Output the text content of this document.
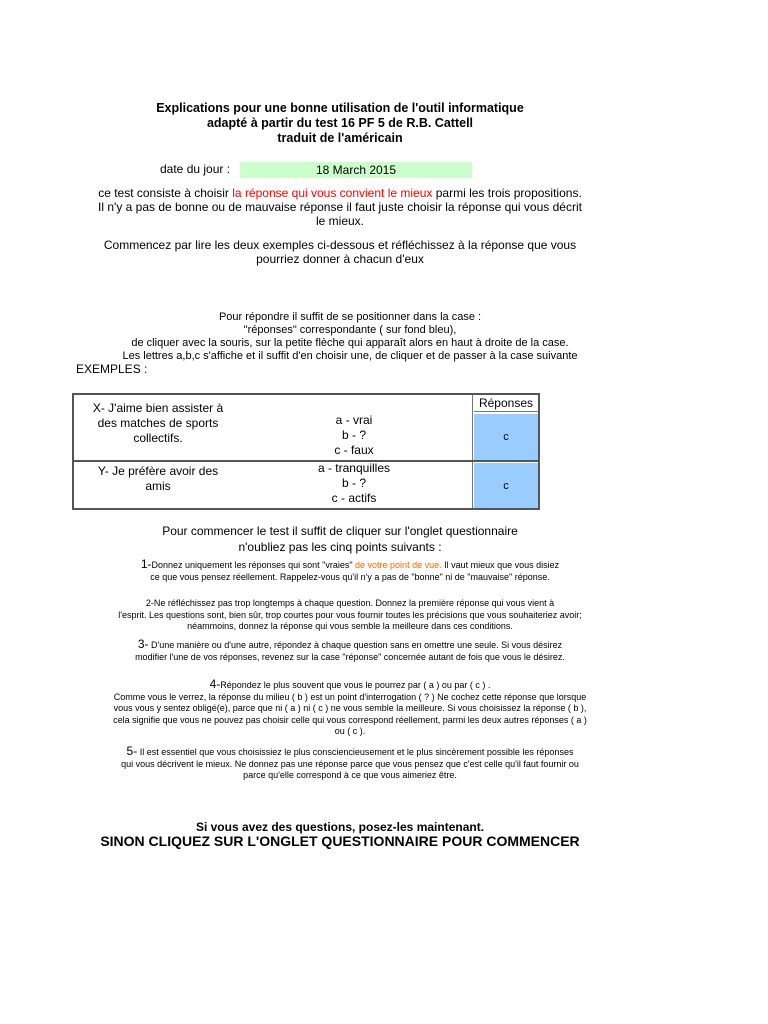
Explications pour une bonne utilisation de l'outil informatique
adapté à partir du test 16 PF 5 de R.B. Cattell
traduit de l'américain
date du jour :	18 March 2015
ce test consiste à choisir la réponse qui vous convient le mieux parmi les trois propositions.
Il n'y a pas de bonne ou de mauvaise réponse il faut juste choisir la réponse qui vous décrit
le mieux.
Commencez par lire les deux exemples ci-dessous et réfléchissez à la réponse que vous
pourriez donner à chacun d'eux
Pour répondre il suffit de se positionner dans la case :
"réponses" correspondante ( sur fond bleu),
de cliquer avec la souris, sur la petite flèche qui apparaît alors en haut à droite de la case.
Les lettres a,b,c s'affiche et il suffit d'en choisir une, de cliquer et de passer à la case suivante
EXEMPLES :
Réponses
X- J'aime bien assister à
des matches de sports
collectifs.
a - vrai
b - ?
c - faux
c
Y- Je préfère avoir des
amis
a - tranquilles
b - ?
c - actifs
c
Pour commencer le test il suffit de cliquer sur l'onglet questionnaire
n'oubliez pas les cinq points suivants :
1-Donnez uniquement les réponses qui sont "vraies" de votre point de vue. Il vaut mieux que vous disiez
ce que vous pensez réellement. Rappelez-vous qu'il n'y a pas de "bonne" ni de "mauvaise" réponse.
2-Ne réfléchissez pas trop longtemps à chaque question. Donnez la première réponse qui vous vient à
l'esprit. Les questions sont, bien sûr, trop courtes pour vous fournir toutes les précisions que vous souhaiteriez avoir;
néammoins, donnez la réponse qui vous semble la meilleure dans ces conditions.
3- D'une manière ou d'une autre, répondez à chaque question sans en omettre une seule. Si vous désirez
modifier l'une de vos réponses, revenez sur la case "réponse" concernée autant de fois que vous le désirez.
4-Répondez le plus souvent que vous le pourrez par ( a ) ou par ( c ) .
Comme vous le verrez, la réponse du milieu ( b ) est un point d'interrogation ( ? ) Ne cochez cette réponse que lorsque
vous vous y sentez obligé(e), parce que ni ( a ) ni ( c ) ne vous semble la meilleure. Si vous choisissez la réponse ( b ),
cela signifie que vous ne pouvez pas choisir celle qui vous correspond réellement, parmi les deux autres réponses ( a )
ou ( c ).
5- Il est essentiel que vous choisissiez le plus consciencieusement et le plus sincèrement possible les réponses
qui vous décrivent le mieux. Ne donnez pas une réponse parce que vous pensez que c'est celle qu'il faut fournir ou
parce qu'elle correspond à ce que vous aimeriez être.
Si vous avez des questions, posez-les maintenant.
SINON CLIQUEZ SUR L'ONGLET QUESTIONNAIRE POUR COMMENCER
